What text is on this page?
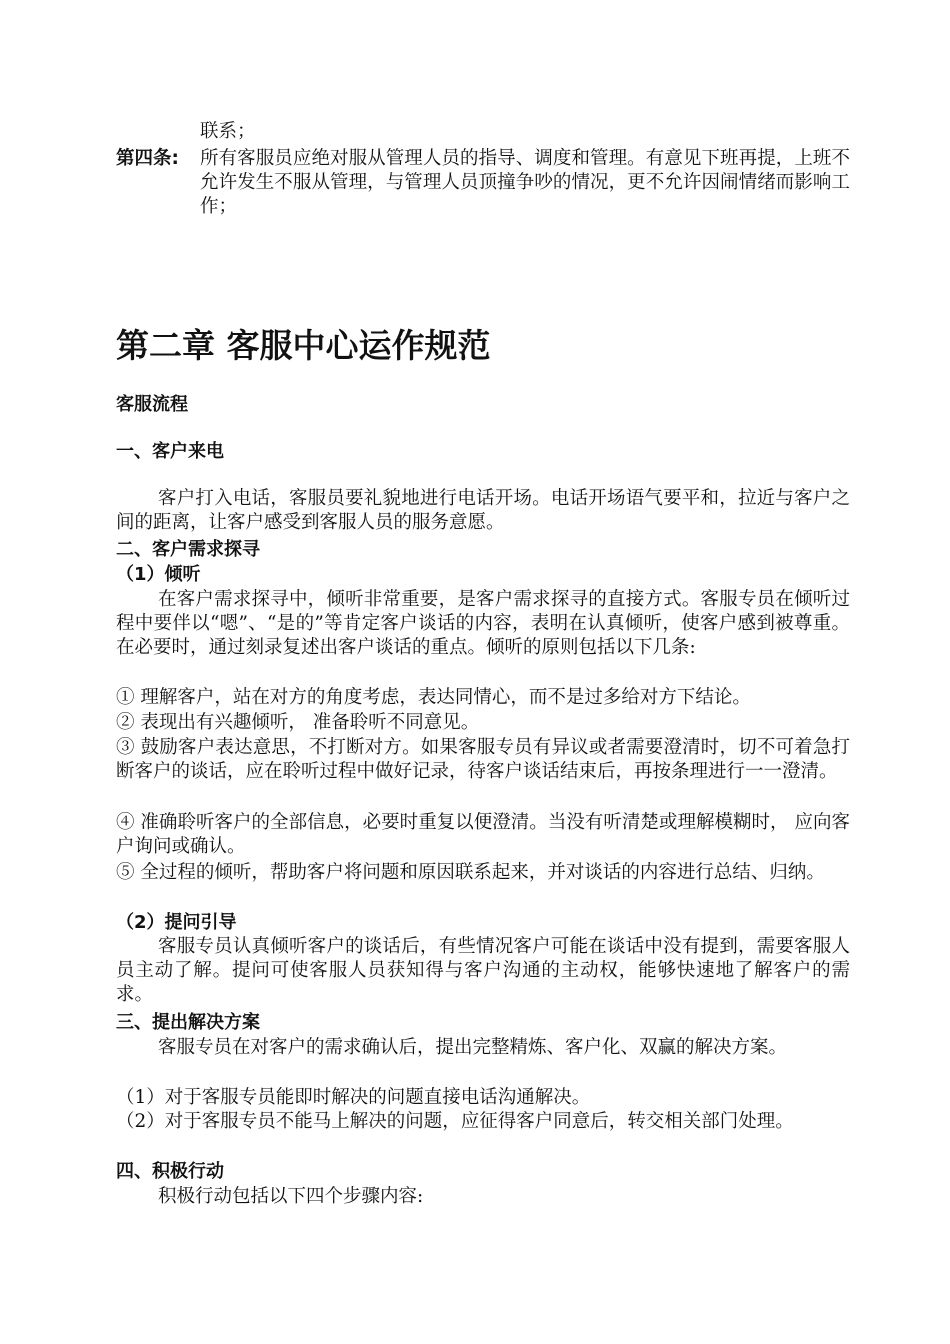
联系；

第四条:	所有客服员应绝对服从管理人员的指导、调度和管理。有意见下班再提，上班不允许发生不服从管理，与管理人员顶撞争吵的情况，更不允许因闹情绪而影响工作；
第二章 客服中心运作规范

客服流程

一、客户来电

客户打入电话，客服员要礼貌地进行电话开场。电话开场语气要平和，拉近与客户之间的距离，让客户感受到客服人员的服务意愿。

二、客户需求探寻

（1）倾听

在客户需求探寻中，倾听非常重要，是客户需求探寻的直接方式。客服专员在倾听过程中要伴以“嗯”、“是的”等肯定客户谈话的内容，表明在认真倾听，使客户感到被尊重。在必要时，通过刻录复述出客户谈话的重点。倾听的原则包括以下几条:

① 理解客户，站在对方的角度考虑，表达同情心，而不是过多给对方下结论。

② 表现出有兴趣倾听， 准备聆听不同意见。

③ 鼓励客户表达意思，不打断对方。如果客服专员有异议或者需要澄清时，切不可着急打断客户的谈话，应在聆听过程中做好记录，待客户谈话结束后，再按条理进行一一澄清。

④ 准确聆听客户的全部信息，必要时重复以便澄清。当没有听清楚或理解模糊时， 应向客户询问或确认。

⑤ 全过程的倾听，帮助客户将问题和原因联系起来，并对谈话的内容进行总结、归纳。

（2）提问引导

客服专员认真倾听客户的谈话后，有些情况客户可能在谈话中没有提到，需要客服人员主动了解。提问可使客服人员获知得与客户沟通的主动权，能够快速地了解客户的需求。

三、提出解决方案

客服专员在对客户的需求确认后，提出完整精炼、客户化、双赢的解决方案。

（1）对于客服专员能即时解决的问题直接电话沟通解决。

（2）对于客服专员不能马上解决的问题，应征得客户同意后，转交相关部门处理。

四、积极行动

积极行动包括以下四个步骤内容:
